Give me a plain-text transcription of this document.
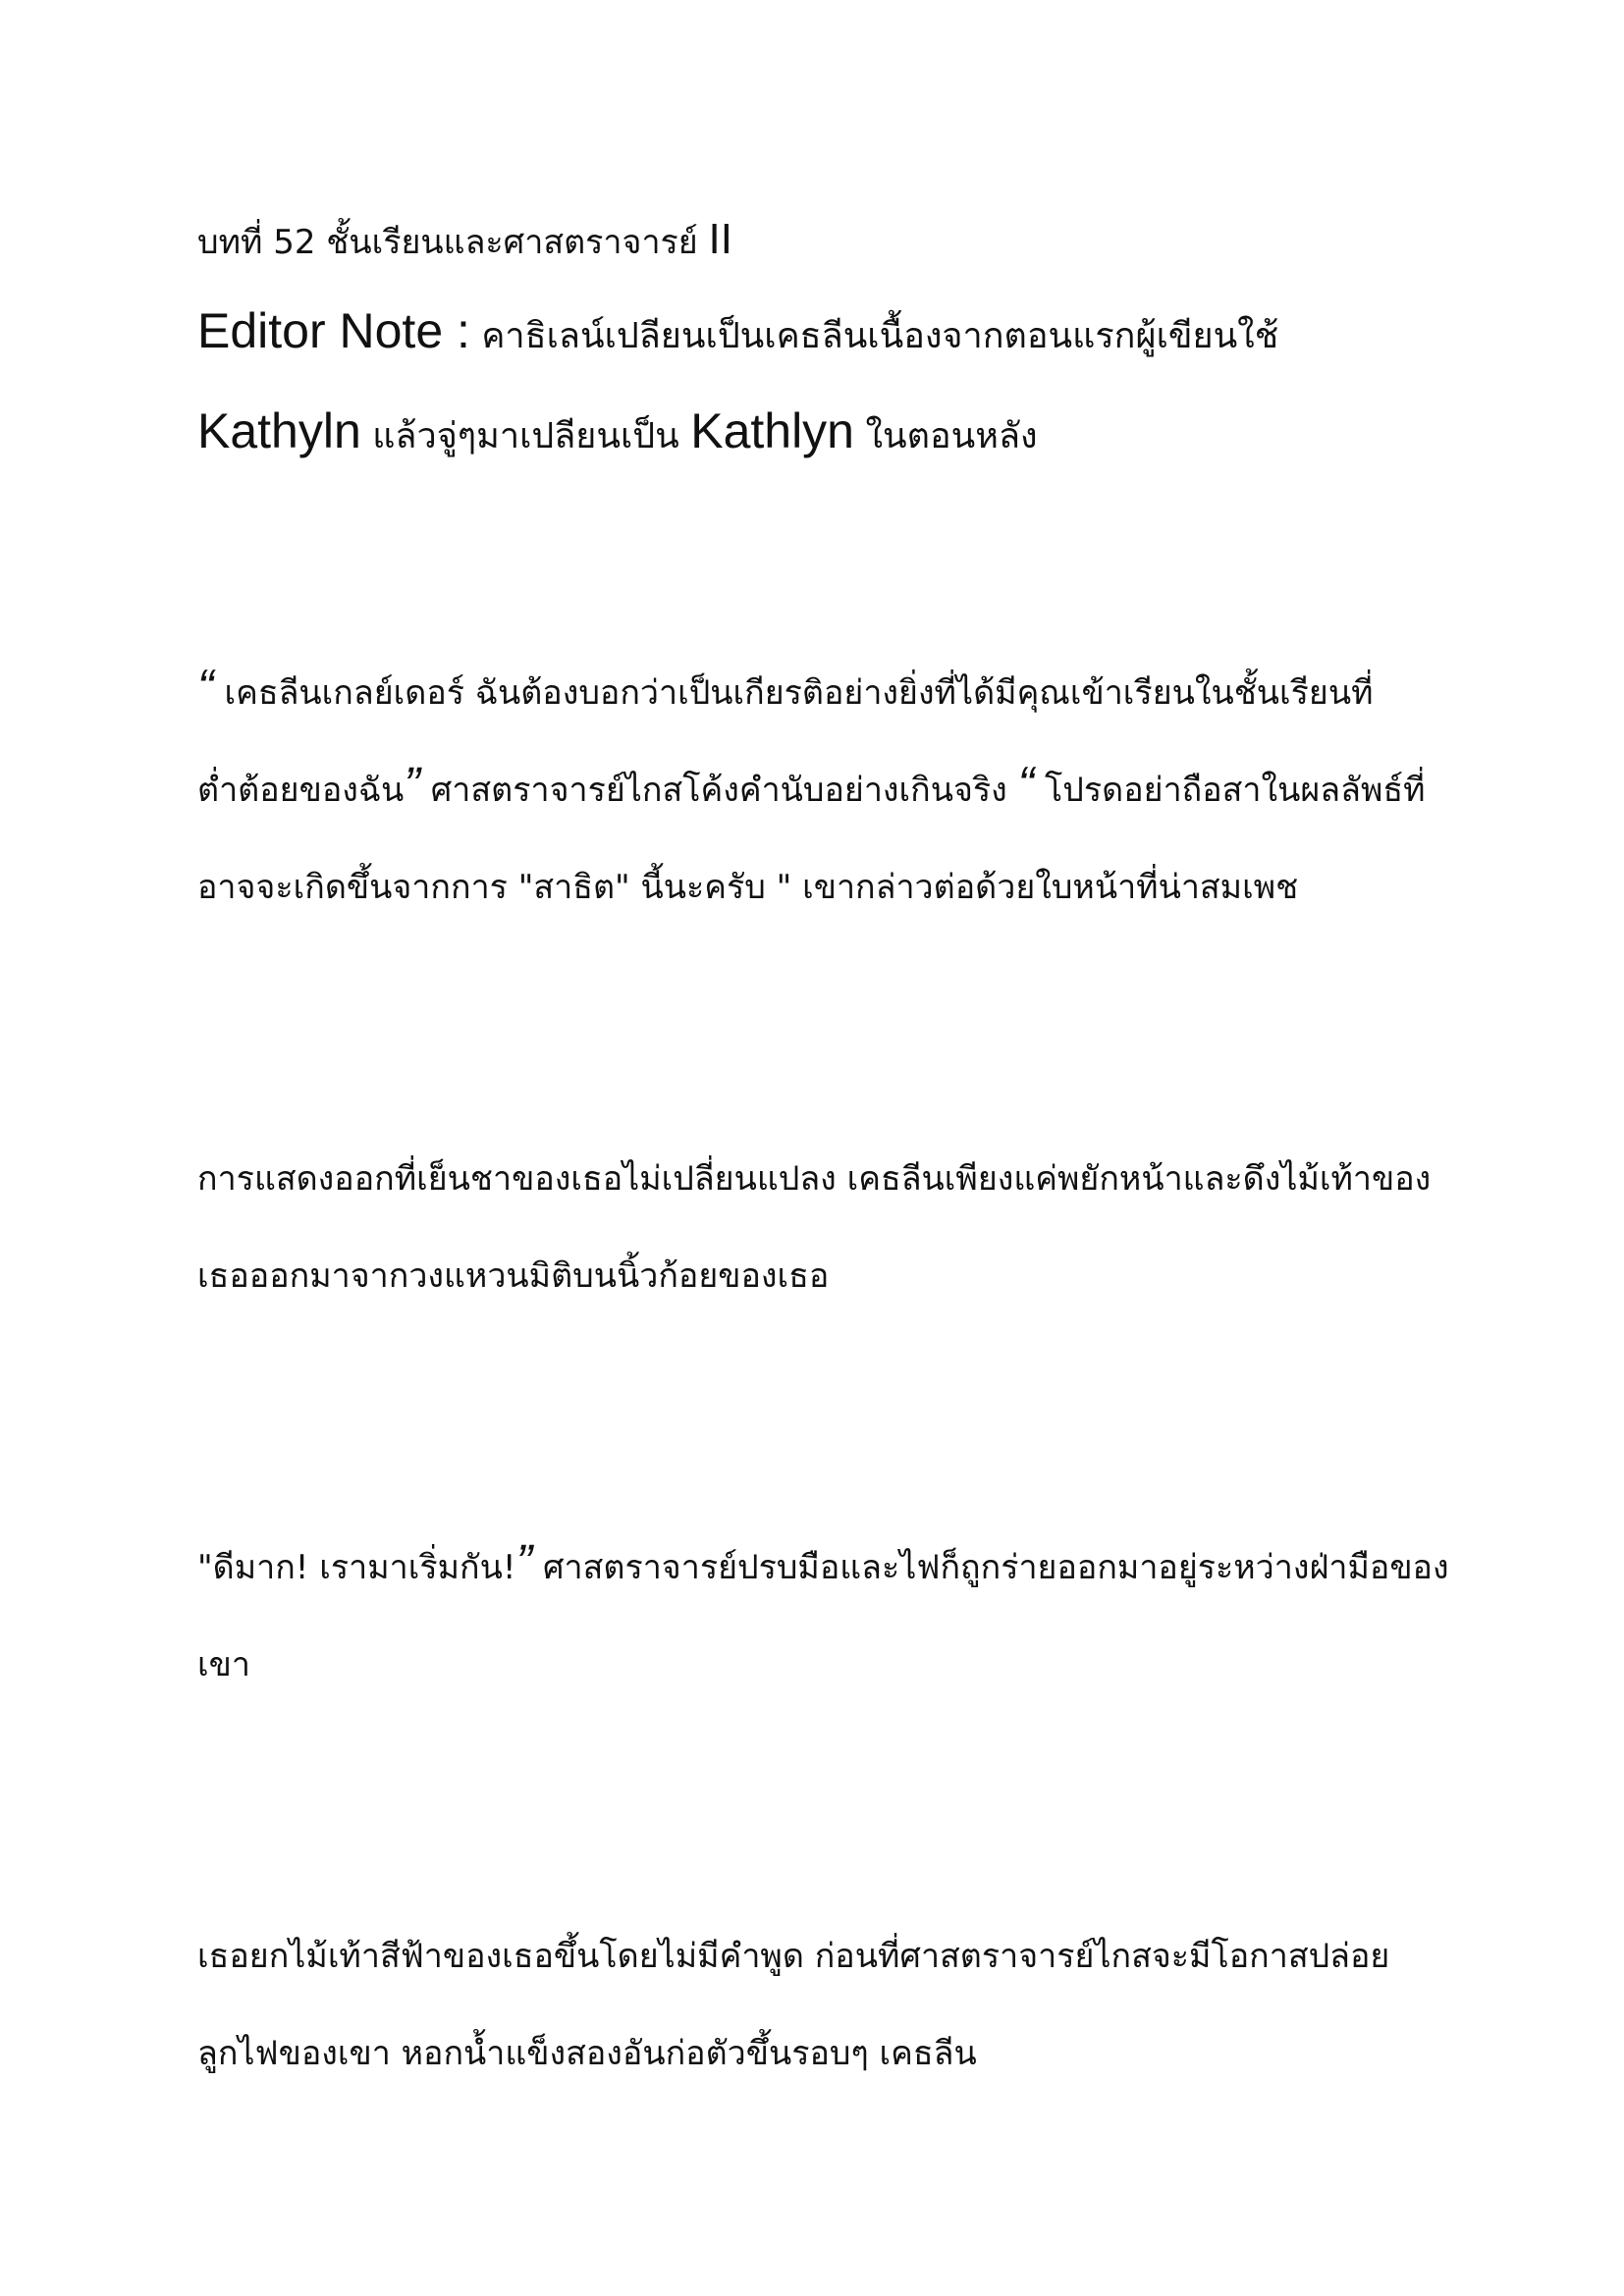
บทที่ 52 ชั้นเรียนและศาสตราจารย์ II

Editor Note : คาธิเลน์เปลียนเป็นเคธลีนเนื้องจากตอนแรกผู้เขียนใช้
Kathyln แล้วจู่ๆมาเปลียนเป็น Kathlyn ในตอนหลัง

“ เคธลีนเกลย์เดอร์ ฉันต้องบอกว่าเป็นเกียรติอย่างยิ่งที่ได้มีคุณเข้าเรียนในชั้นเรียนที่ต่ำต้อยของฉัน” ศาสตราจารย์ไกสโค้งคำนับอย่างเกินจริง “ โปรดอย่าถือสาในผลลัพธ์ที่อาจจะเกิดขึ้นจากการ "สาธิต" นี้นะครับ " เขากล่าวต่อด้วยใบหน้าที่น่าสมเพช

การแสดงออกที่เย็นชาของเธอไม่เปลี่ยนแปลง เคธลีนเพียงแค่พยักหน้าและดึงไม้เท้าของเธอออกมาจากวงแหวนมิติบนนิ้วก้อยของเธอ

"ดีมาก! เรามาเริ่มกัน!” ศาสตราจารย์ปรบมือและไฟก็ถูกร่ายออกมาอยู่ระหว่างฝ่ามือของเขา

เธอยกไม้เท้าสีฟ้าของเธอขึ้นโดยไม่มีคำพูด ก่อนที่ศาสตราจารย์ไกสจะมีโอกาสปล่อยลูกไฟของเขา หอกน้ำแข็งสองอันก่อตัวขึ้นรอบๆ เคธลีน
